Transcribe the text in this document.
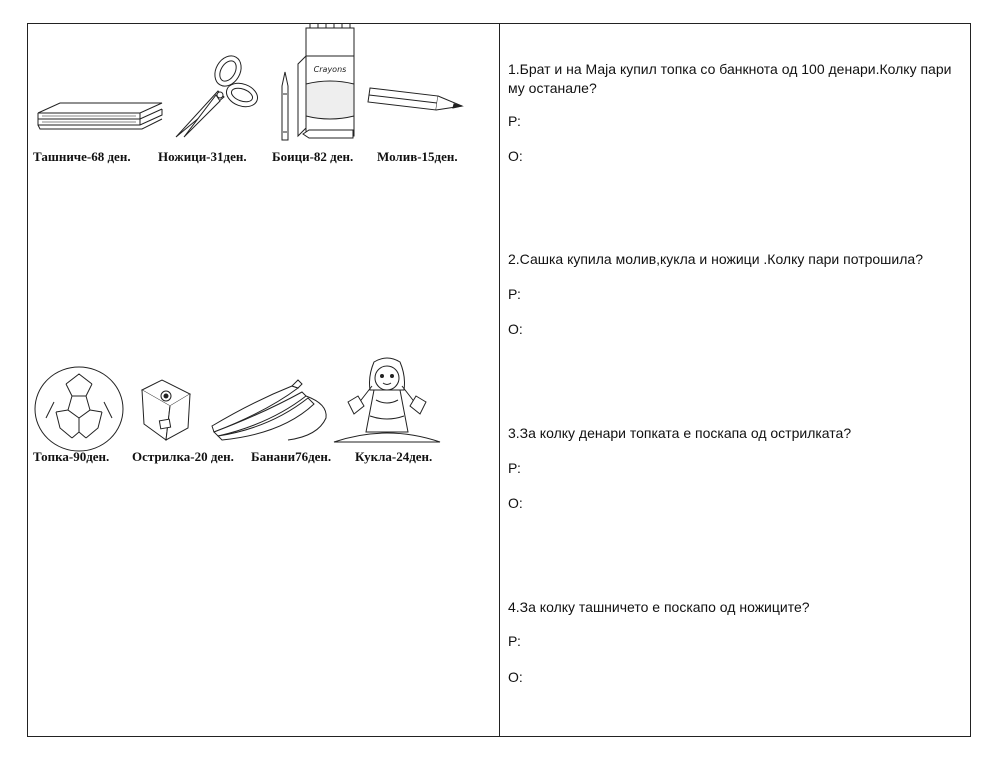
Crayons
Ташниче-68 ден. Ножици-31ден. Боици-82 ден. Молив-15ден.
Топка-90ден. Острилка-20 ден. Банани76ден. Кукла-24ден.
1.Брат и на Маја купил топка со банкнота од 100 денари.Колку пари му останале?
Р:
О:
2.Сашка купила молив,кукла и ножици .Колку пари потрошила?
Р:
О:
3.За колку денари топката е поскапа од острилката?
Р:
О:
4.За колку ташничето е поскапо од ножиците?
Р:
О:
